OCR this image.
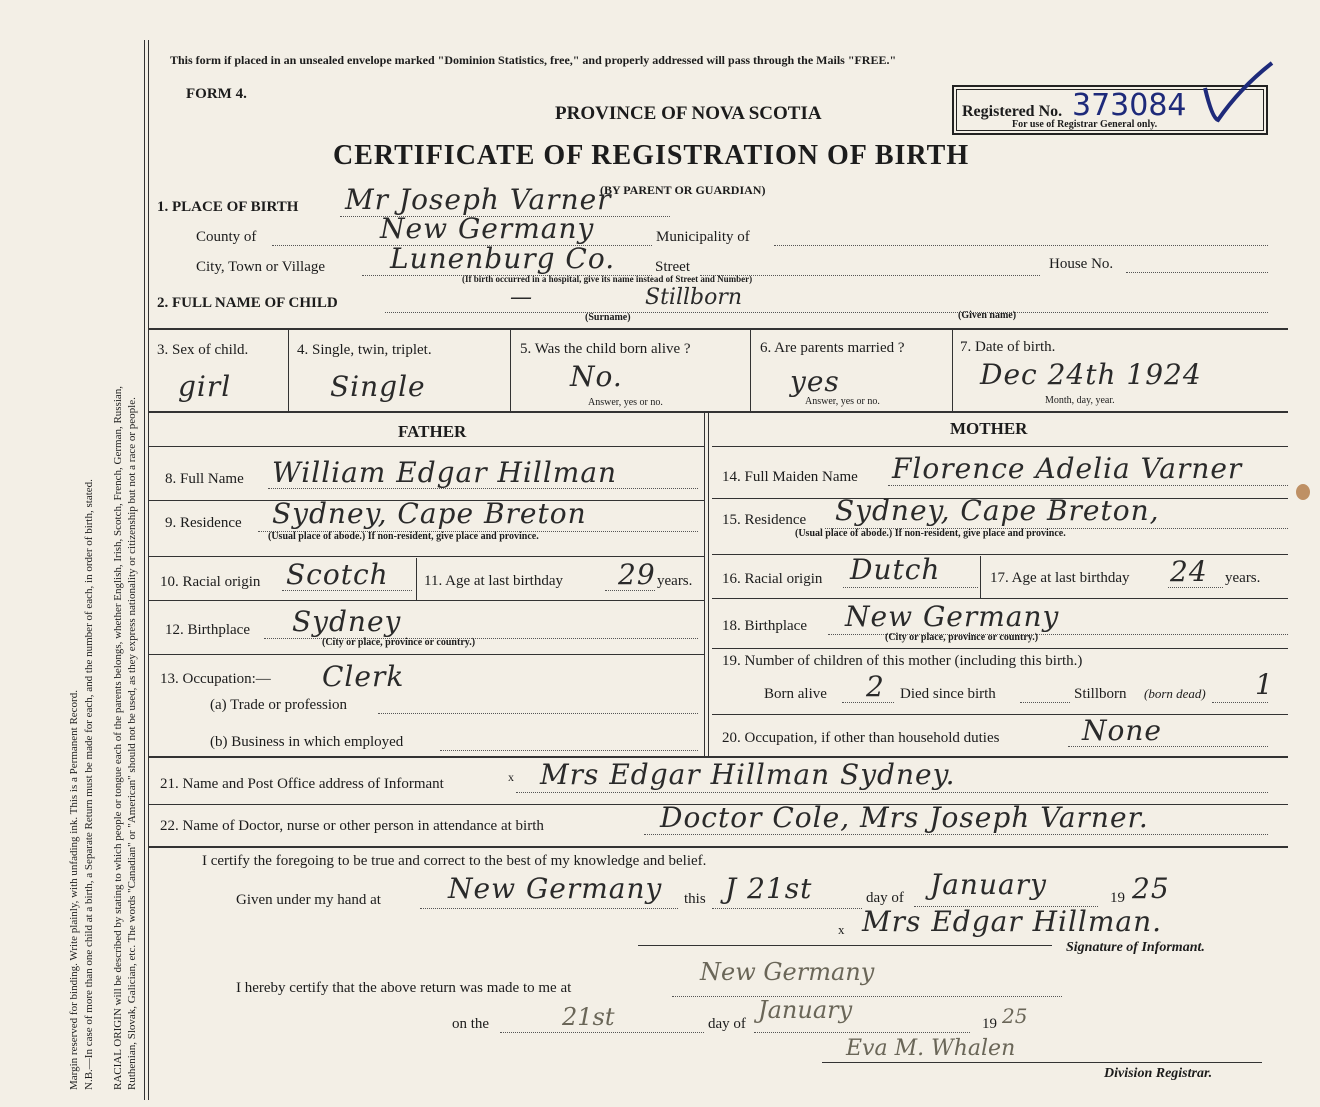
Margin reserved for binding. Write plainly, with unfading ink. This is a Permanent Record. N.B.—In case of more than one child at a birth, a Separate Return must be made for each, and the number of each, in order of birth, stated. RACIAL ORIGIN will be described by stating to which people or tongue each of the parents belongs, whether English, Irish, Scotch, French, German, Russian, Ruthenian, Slovak, Galician, etc. The words "Canadian" or "American" should not be used, as they express nationality or citizenship but not a race or people.
This form if placed in an unsealed envelope marked "Dominion Statistics, free," and properly addressed will pass through the Mails "FREE."
FORM 4.
PROVINCE OF NOVA SCOTIA
CERTIFICATE OF REGISTRATION OF BIRTH
(BY PARENT OR GUARDIAN)
Registered No. 373084
For use of Registrar General only.
1. PLACE OF BIRTH Mr Joseph Varner
County of	New Germany	Municipality of
City, Town or Village Lunenburg Co.	Street	House No.
(If birth occurred in a hospital, give its name instead of Street and Number)
2. FULL NAME OF CHILD	—	Stillborn
(Surname)	(Given name)
3. Sex of child.
girl
4. Single, twin, triplet.
Single
5. Was the child born alive ?
No.
Answer, yes or no.
6. Are parents married ?
yes
Answer, yes or no.
7. Date of birth.
Dec 24th 1924
Month, day, year.
FATHER	MOTHER
8. Full Name William Edgar Hillman
9. Residence Sydney, Cape Breton
(Usual place of abode.) If non-resident, give place and province.
10. Racial origin Scotch 11. Age at last birthday 29 years.
12. Birthplace Sydney
(City or place, province or country.)
13. Occupation:— Clerk
(a) Trade or profession
(b) Business in which employed
14. Full Maiden Name Florence Adelia Varner
15. Residence Sydney, Cape Breton,
(Usual place of abode.) If non-resident, give place and province.
16. Racial origin Dutch	17. Age at last birthday 24 years.
18. Birthplace New Germany
(City or place, province or country.)
19. Number of children of this mother (including this birth.)
Born alive 2 Died since birth	Stillborn (born dead) 1
20. Occupation, if other than household duties	None
21. Name and Post Office address of Informant	x Mrs Edgar Hillman Sydney.
22. Name of Doctor, nurse or other person in attendance at birth	Doctor Cole, Mrs Joseph Varner.
I certify the foregoing to be true and correct to the best of my knowledge and belief.
Given under my hand at New Germany this J 21st	day of January	19 25
x Mrs Edgar Hillman.
Signature of Informant.
I hereby certify that the above return was made to me at
New Germany
on the	21st	day of January	19 25
Eva M. Whalen
Division Registrar.
